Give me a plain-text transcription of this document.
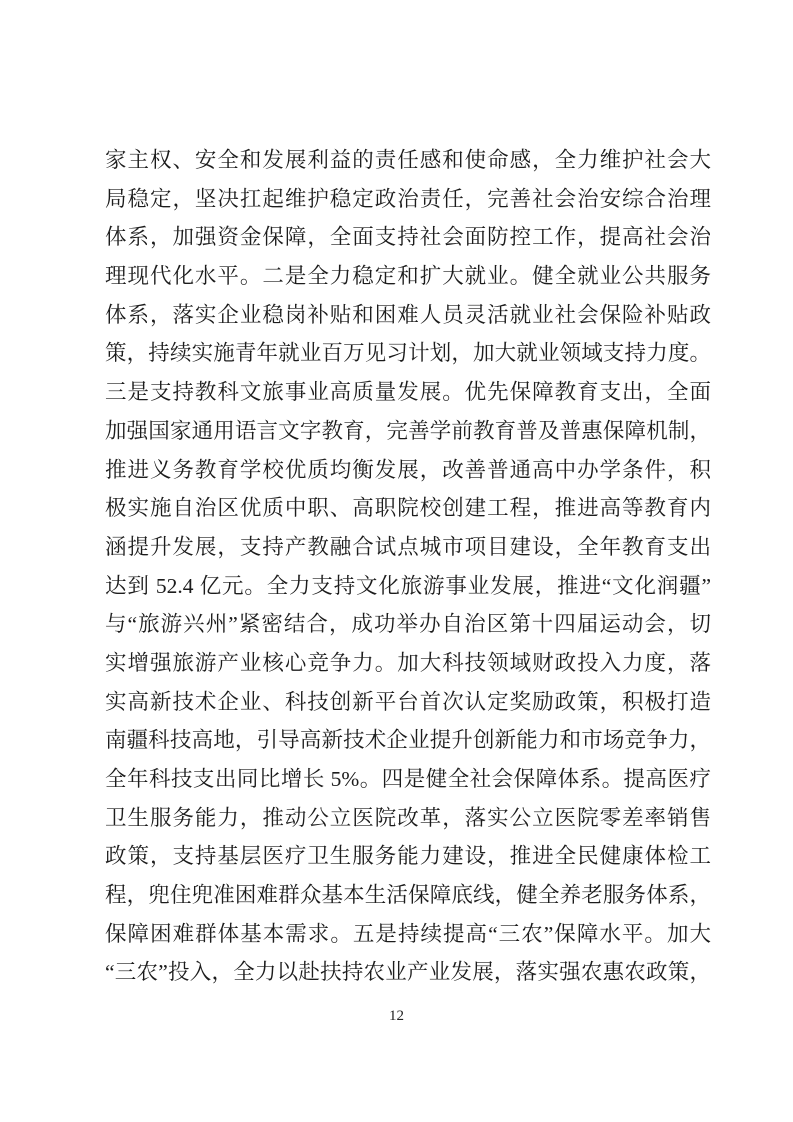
家主权、安全和发展利益的责任感和使命感，全力维护社会大
局稳定，坚决扛起维护稳定政治责任，完善社会治安综合治理
体系，加强资金保障，全面支持社会面防控工作，提高社会治
理现代化水平。二是全力稳定和扩大就业。健全就业公共服务
体系，落实企业稳岗补贴和困难人员灵活就业社会保险补贴政
策，持续实施青年就业百万见习计划，加大就业领域支持力度。
三是支持教科文旅事业高质量发展。优先保障教育支出，全面
加强国家通用语言文字教育，完善学前教育普及普惠保障机制，
推进义务教育学校优质均衡发展，改善普通高中办学条件，积
极实施自治区优质中职、高职院校创建工程，推进高等教育内
涵提升发展，支持产教融合试点城市项目建设，全年教育支出
达到 52.4 亿元。全力支持文化旅游事业发展，推进“文化润疆”
与“旅游兴州”紧密结合，成功举办自治区第十四届运动会，切
实增强旅游产业核心竞争力。加大科技领域财政投入力度，落
实高新技术企业、科技创新平台首次认定奖励政策，积极打造
南疆科技高地，引导高新技术企业提升创新能力和市场竞争力，
全年科技支出同比增长 5%。四是健全社会保障体系。提高医疗
卫生服务能力，推动公立医院改革，落实公立医院零差率销售
政策，支持基层医疗卫生服务能力建设，推进全民健康体检工
程，兜住兜准困难群众基本生活保障底线，健全养老服务体系，
保障困难群体基本需求。五是持续提高“三农”保障水平。加大
“三农”投入，全力以赴扶持农业产业发展，落实强农惠农政策，
12
